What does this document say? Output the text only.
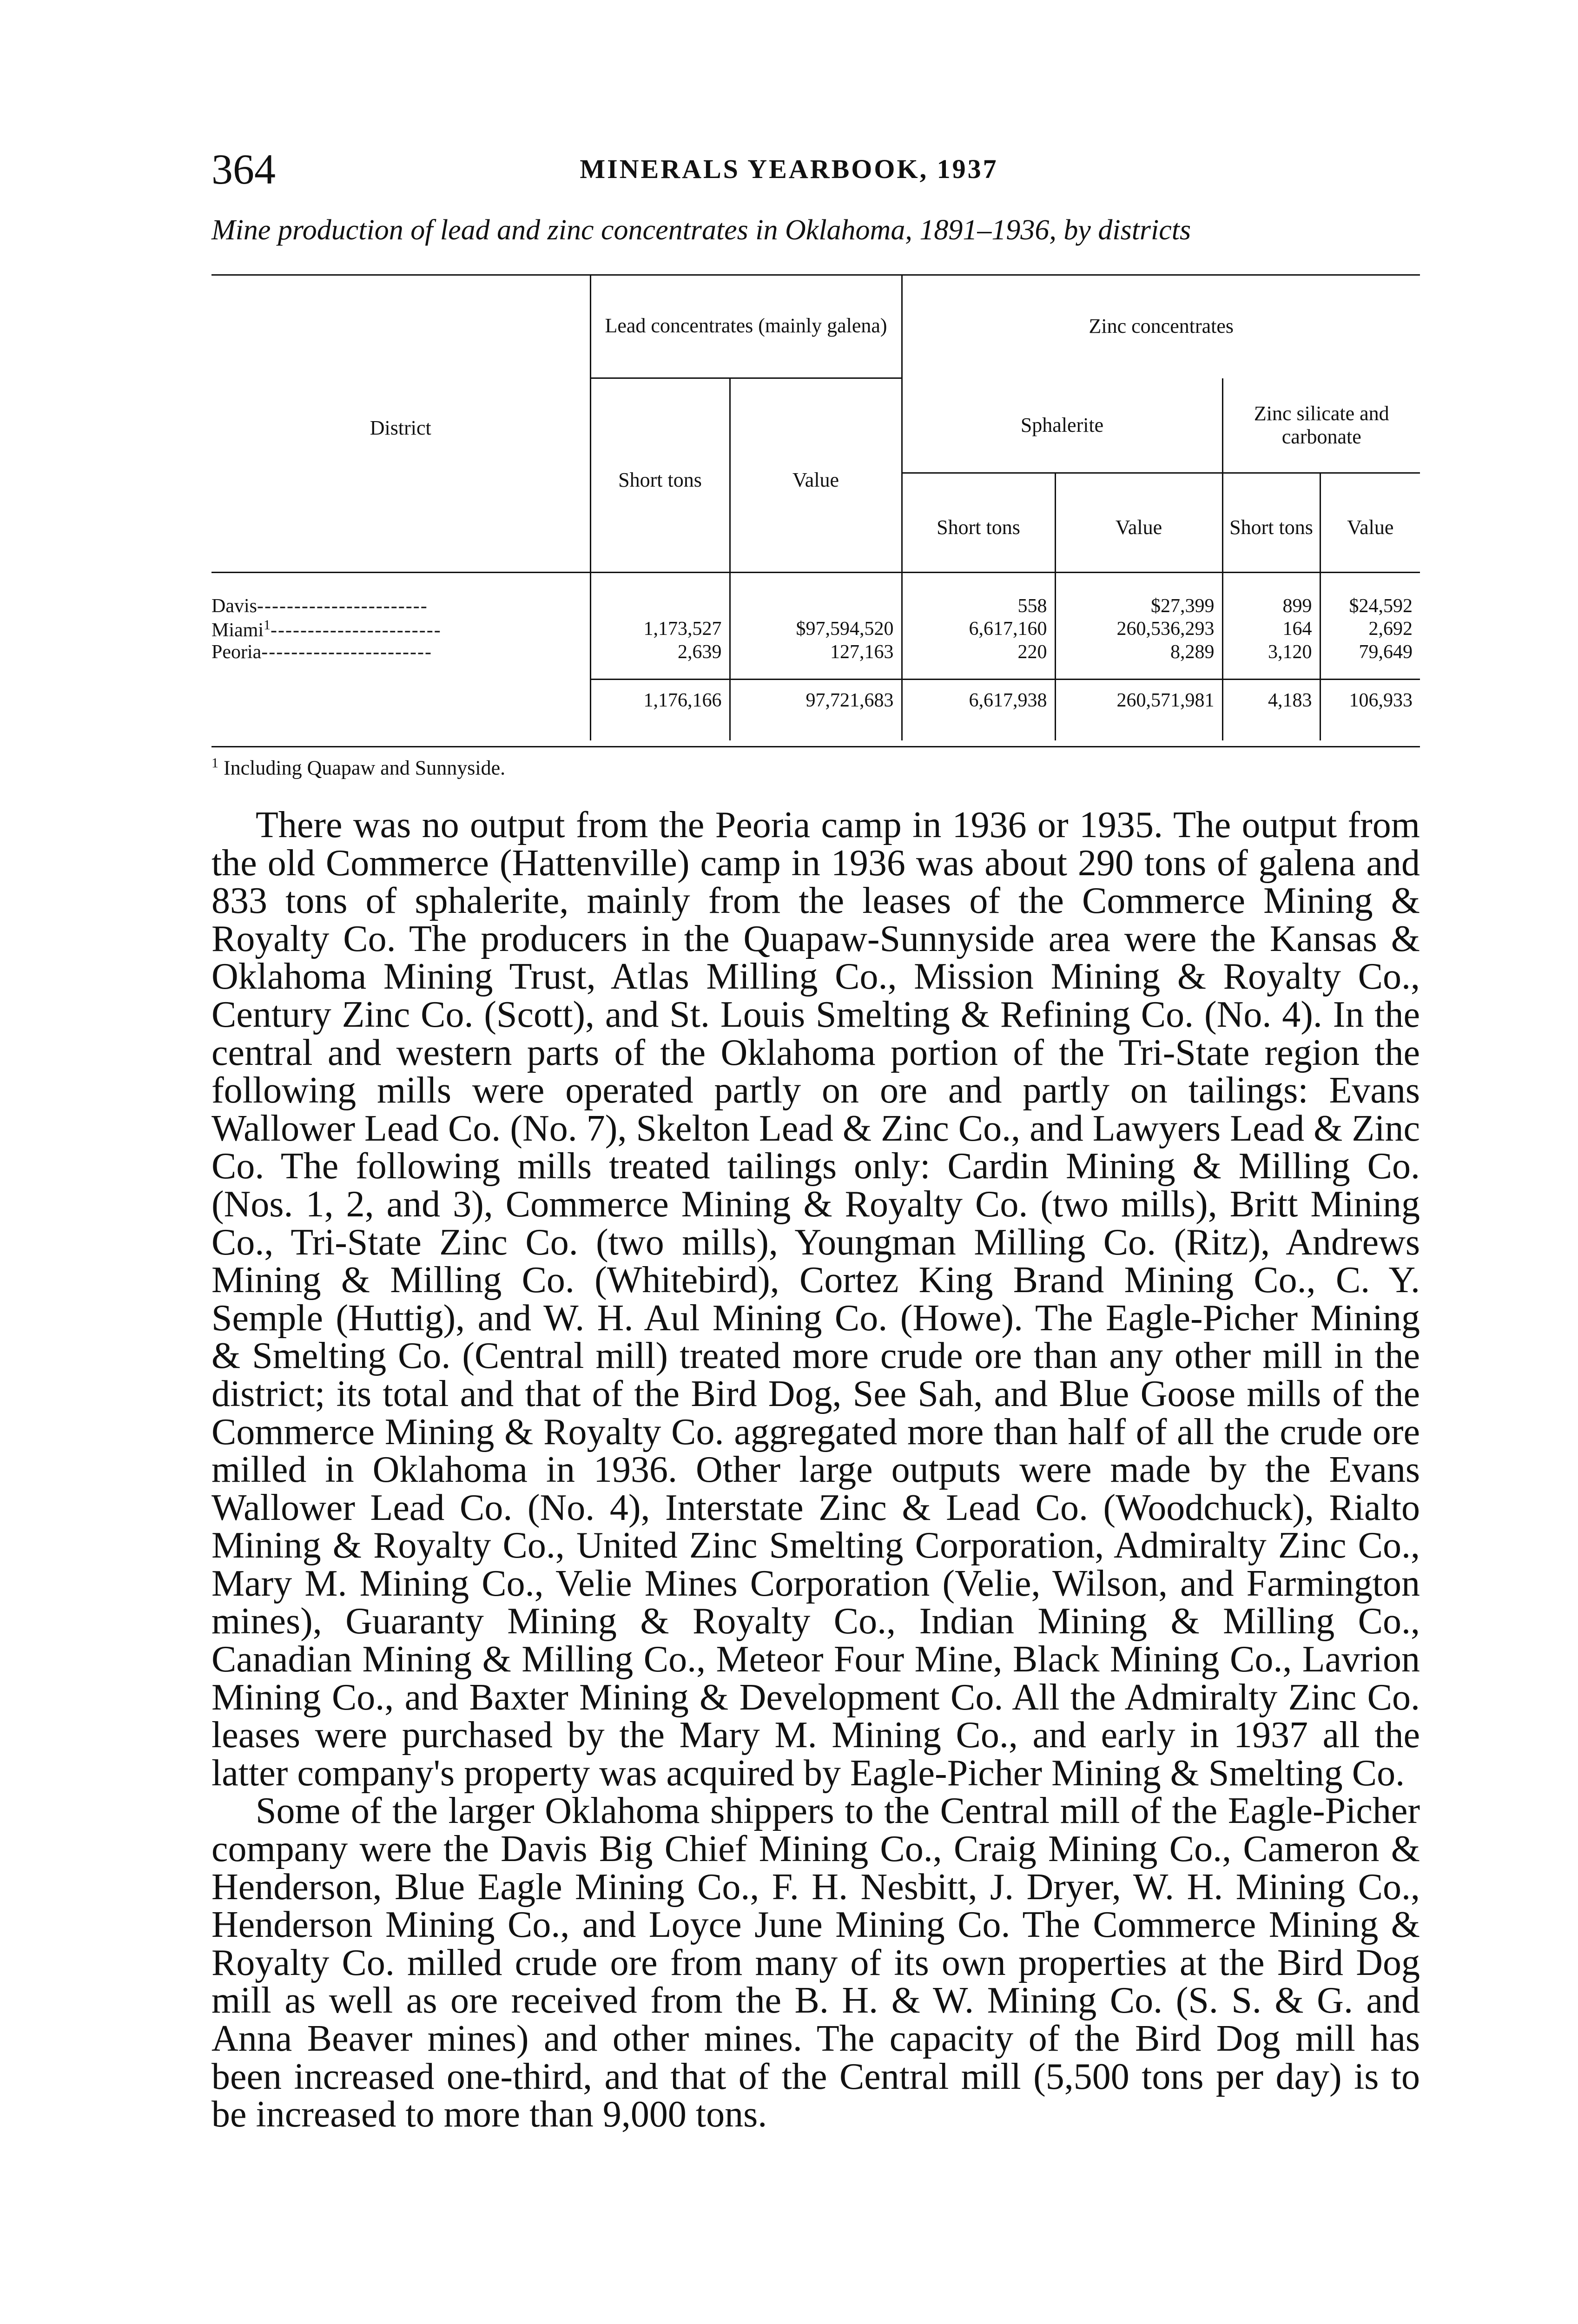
364	MINERALS YEARBOOK, 1937
Mine production of lead and zinc concentrates in Oklahoma, 1891–1936, by districts
District	Lead concentrates (mainly galena)		Zinc concentrates			
	Short tons	Value	Sphalerite		Zinc silicate and carbonate	
			Short tons	Value	Short tons	Value

Davis-----------------------			558	$27,399	899	$24,592
Miami$^1$-----------------------	1,173,527	$97,594,520	6,617,160	260,536,293	164	2,692
Peoria-----------------------	2,639	127,163	220	8,289	3,120	79,649

	1,176,166	97,721,683	6,617,938	260,571,981	4,183	106,933

$^1$ Including Quapaw and Sunnyside.

There was no output from the Peoria camp in 1936 or 1935. The output from the old Commerce (Hattenville) camp in 1936 was about 290 tons of galena and 833 tons of sphalerite, mainly from the leases of the Commerce Mining & Royalty Co. The producers in the Quapaw-Sunnyside area were the Kansas & Oklahoma Mining Trust, Atlas Milling Co., Mission Mining & Royalty Co., Century Zinc Co. (Scott), and St. Louis Smelting & Refining Co. (No. 4). In the central and western parts of the Oklahoma portion of the Tri-State region the following mills were operated partly on ore and partly on tailings: Evans Wallower Lead Co. (No. 7), Skelton Lead & Zinc Co., and Lawyers Lead & Zinc Co. The following mills treated tailings only: Cardin Mining & Milling Co. (Nos. 1, 2, and 3), Commerce Mining & Royalty Co. (two mills), Britt Mining Co., Tri-State Zinc Co. (two mills), Youngman Milling Co. (Ritz), Andrews Mining & Milling Co. (Whitebird), Cortez King Brand Mining Co., C. Y. Semple (Huttig), and W. H. Aul Mining Co. (Howe). The Eagle-Picher Mining & Smelting Co. (Central mill) treated more crude ore than any other mill in the district; its total and that of the Bird Dog, See Sah, and Blue Goose mills of the Commerce Mining & Royalty Co. aggregated more than half of all the crude ore milled in Oklahoma in 1936. Other large outputs were made by the Evans Wallower Lead Co. (No. 4), Interstate Zinc & Lead Co. (Woodchuck), Rialto Mining & Royalty Co., United Zinc Smelting Corporation, Admiralty Zinc Co., Mary M. Mining Co., Velie Mines Corporation (Velie, Wilson, and Farmington mines), Guaranty Mining & Royalty Co., Indian Mining & Milling Co., Canadian Mining & Milling Co., Meteor Four Mine, Black Mining Co., Lavrion Mining Co., and Baxter Mining & Development Co. All the Admiralty Zinc Co. leases were purchased by the Mary M. Mining Co., and early in 1937 all the latter company's property was acquired by Eagle-Picher Mining & Smelting Co.

Some of the larger Oklahoma shippers to the Central mill of the Eagle-Picher company were the Davis Big Chief Mining Co., Craig Mining Co., Cameron & Henderson, Blue Eagle Mining Co., F. H. Nesbitt, J. Dryer, W. H. Mining Co., Henderson Mining Co., and Loyce June Mining Co. The Commerce Mining & Royalty Co. milled crude ore from many of its own properties at the Bird Dog mill as well as ore received from the B. H. & W. Mining Co. (S. S. & G. and Anna Beaver mines) and other mines. The capacity of the Bird Dog mill has been increased one-third, and that of the Central mill (5,500 tons per day) is to be increased to more than 9,000 tons.
